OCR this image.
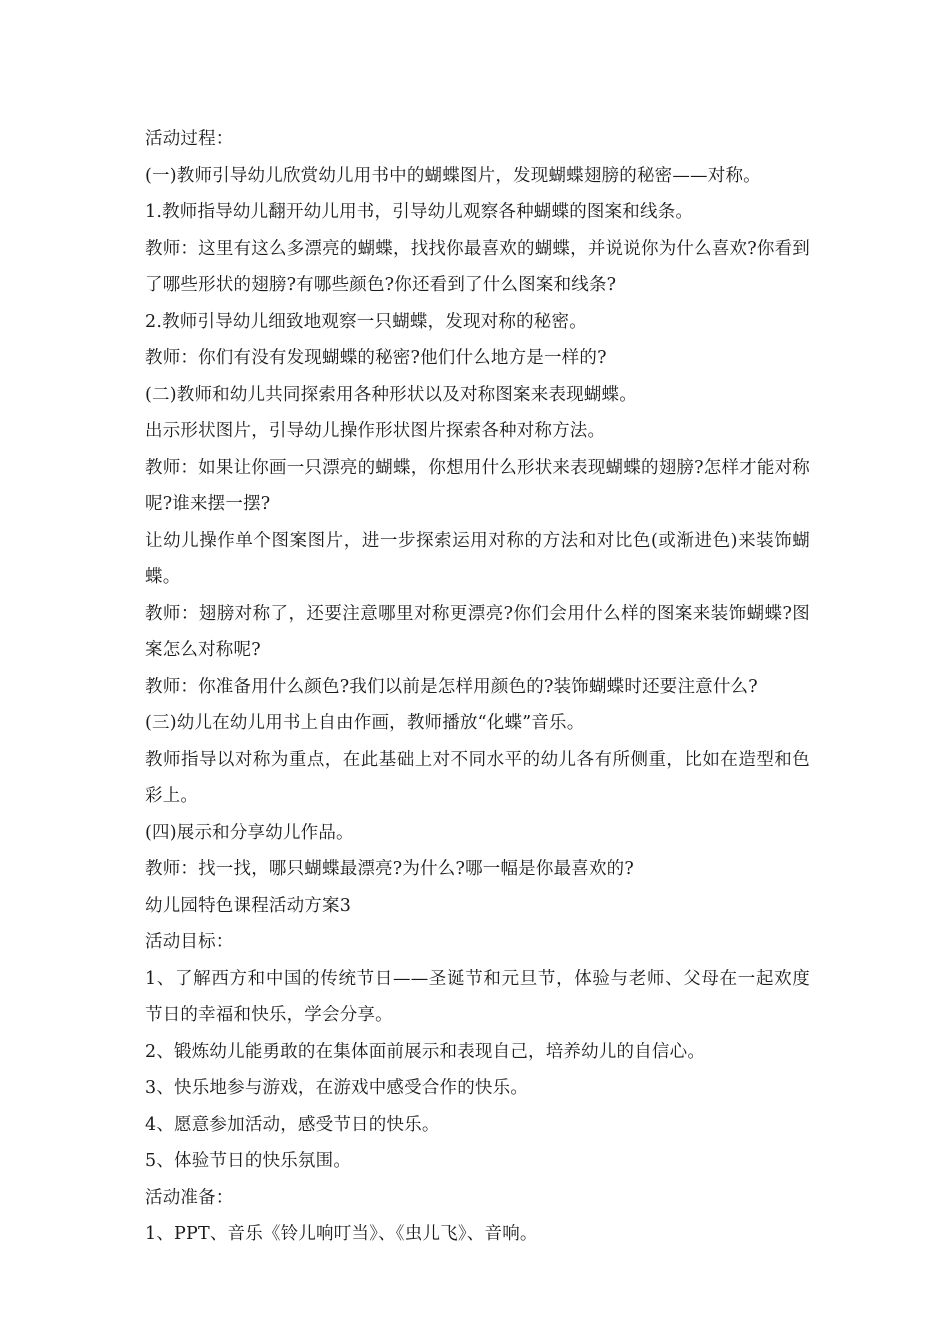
活动过程：

(一)教师引导幼儿欣赏幼儿用书中的蝴蝶图片，发现蝴蝶翅膀的秘密——对称。

1.教师指导幼儿翻开幼儿用书，引导幼儿观察各种蝴蝶的图案和线条。

教师：这里有这么多漂亮的蝴蝶，找找你最喜欢的蝴蝶，并说说你为什么喜欢?你看到了哪些形状的翅膀?有哪些颜色?你还看到了什么图案和线条?

2.教师引导幼儿细致地观察一只蝴蝶，发现对称的秘密。

教师：你们有没有发现蝴蝶的秘密?他们什么地方是一样的?

(二)教师和幼儿共同探索用各种形状以及对称图案来表现蝴蝶。

出示形状图片，引导幼儿操作形状图片探索各种对称方法。

教师：如果让你画一只漂亮的蝴蝶，你想用什么形状来表现蝴蝶的翅膀?怎样才能对称呢?谁来摆一摆?

让幼儿操作单个图案图片，进一步探索运用对称的方法和对比色(或渐进色)来装饰蝴蝶。

教师：翅膀对称了，还要注意哪里对称更漂亮?你们会用什么样的图案来装饰蝴蝶?图案怎么对称呢?

教师：你准备用什么颜色?我们以前是怎样用颜色的?装饰蝴蝶时还要注意什么?

(三)幼儿在幼儿用书上自由作画，教师播放“化蝶”音乐。

教师指导以对称为重点，在此基础上对不同水平的幼儿各有所侧重，比如在造型和色彩上。

(四)展示和分享幼儿作品。

教师：找一找，哪只蝴蝶最漂亮?为什么?哪一幅是你最喜欢的?

幼儿园特色课程活动方案3

活动目标：

1、了解西方和中国的传统节日——圣诞节和元旦节，体验与老师、父母在一起欢度节日的幸福和快乐，学会分享。

2、锻炼幼儿能勇敢的在集体面前展示和表现自己，培养幼儿的自信心。

3、快乐地参与游戏，在游戏中感受合作的快乐。

4、愿意参加活动，感受节日的快乐。

5、体验节日的快乐氛围。

活动准备：

1、PPT、音乐《铃儿响叮当》、《虫儿飞》、音响。
